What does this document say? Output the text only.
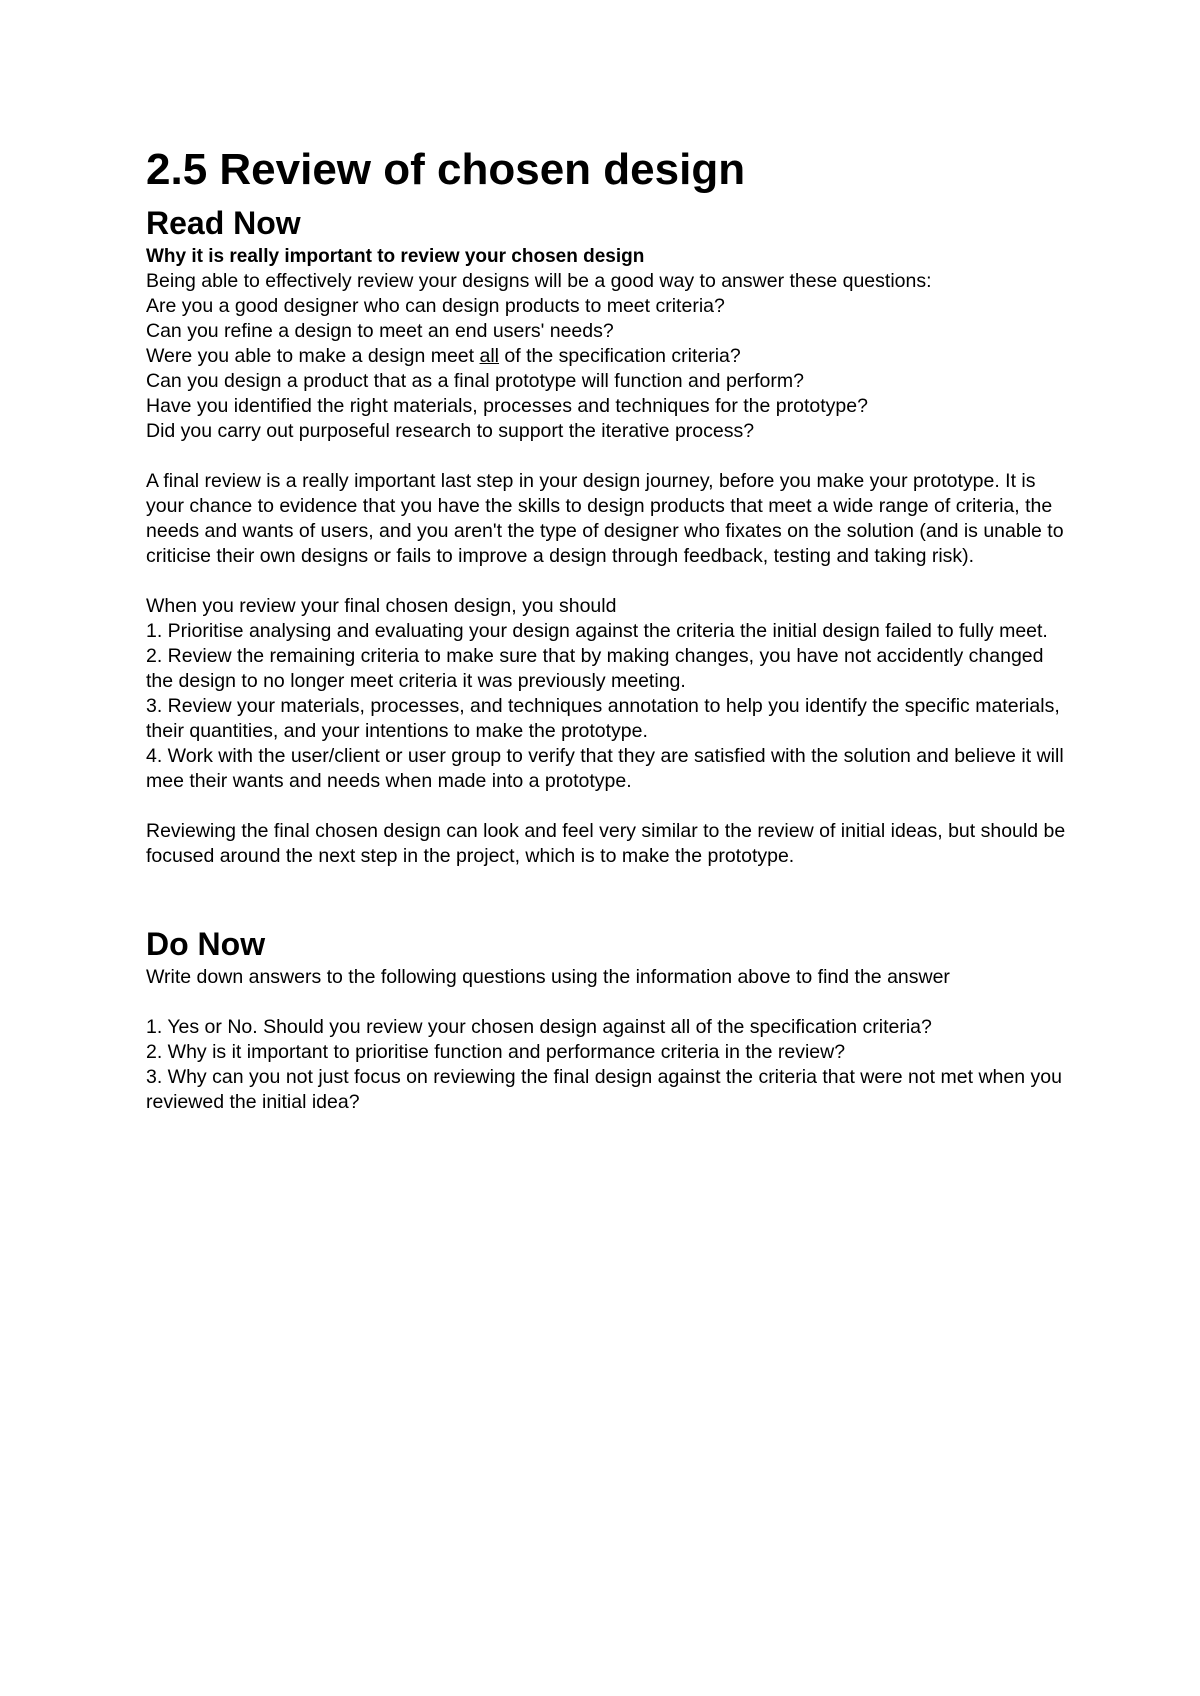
2.5 Review of chosen design
Read Now

Why it is really important to review your chosen design

Being able to effectively review your designs will be a good way to answer these questions:

Are you a good designer who can design products to meet criteria?

Can you refine a design to meet an end users' needs?

Were you able to make a design meet all of the specification criteria?

Can you design a product that as a final prototype will function and perform?

Have you identified the right materials, processes and techniques for the prototype?

Did you carry out purposeful research to support the iterative process?

A final review is a really important last step in your design journey, before you make your prototype. It is your chance to evidence that you have the skills to design products that meet a wide range of criteria, the needs and wants of users, and you aren't the type of designer who fixates on the solution (and is unable to criticise their own designs or fails to improve a design through feedback, testing and taking risk).

When you review your final chosen design, you should

1. Prioritise analysing and evaluating your design against the criteria the initial design failed to fully meet.

2. Review the remaining criteria to make sure that by making changes, you have not accidently changed the design to no longer meet criteria it was previously meeting.

3. Review your materials, processes, and techniques annotation to help you identify the specific materials, their quantities, and your intentions to make the prototype.

4. Work with the user/client or user group to verify that they are satisfied with the solution and believe it will mee their wants and needs when made into a prototype.

Reviewing the final chosen design can look and feel very similar to the review of initial ideas, but should be focused around the next step in the project, which is to make the prototype.

Do Now

Write down answers to the following questions using the information above to find the answer

1. Yes or No. Should you review your chosen design against all of the specification criteria?

2. Why is it important to prioritise function and performance criteria in the review?

3. Why can you not just focus on reviewing the final design against the criteria that were not met when you reviewed the initial idea?
